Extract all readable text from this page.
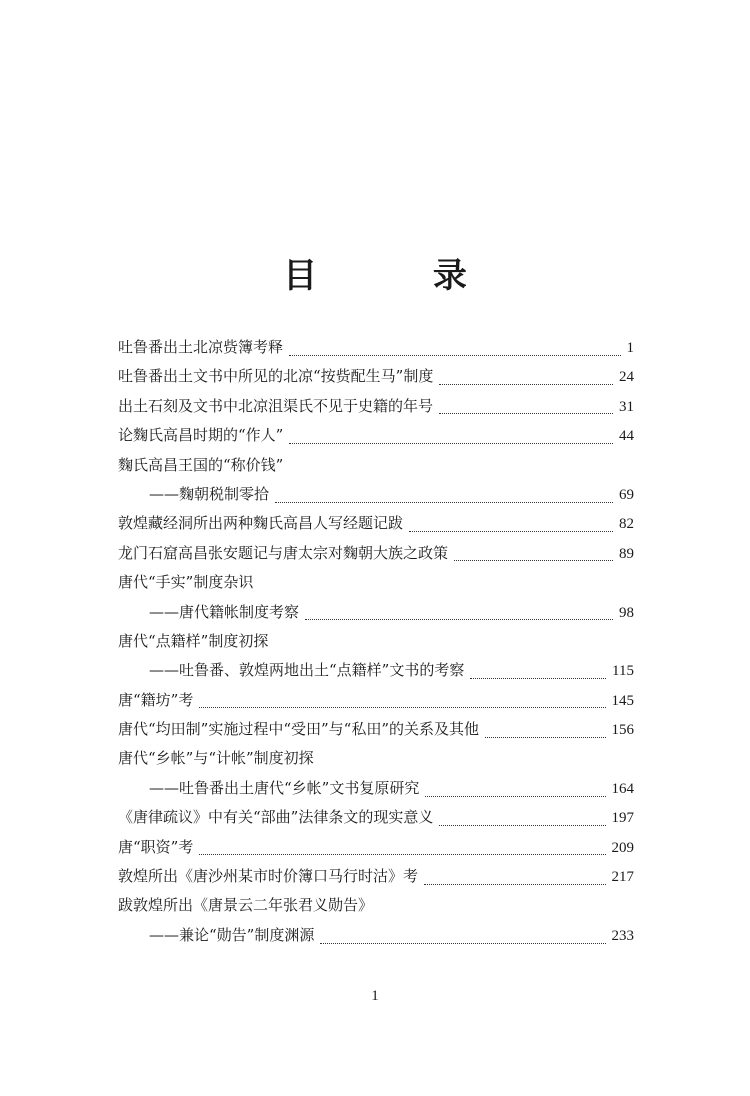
目 录
吐鲁番出土北凉赀簿考释	1
吐鲁番出土文书中所见的北凉“按赀配生马”制度	24
出土石刻及文书中北凉沮渠氏不见于史籍的年号	31
论麴氏高昌时期的“作人”	44
麴氏高昌王国的“称价钱”
——麴朝税制零拾	69
敦煌藏经洞所出两种麴氏高昌人写经题记跋	82
龙门石窟高昌张安题记与唐太宗对麴朝大族之政策	89
唐代“手实”制度杂识
——唐代籍帐制度考察	98
唐代“点籍样”制度初探
——吐鲁番、敦煌两地出土“点籍样”文书的考察	115
唐“籍坊”考	145
唐代“均田制”实施过程中“受田”与“私田”的关系及其他	156
唐代“乡帐”与“计帐”制度初探
——吐鲁番出土唐代“乡帐”文书复原研究	164
《唐律疏议》中有关“部曲”法律条文的现实意义	197
唐“职资”考	209
敦煌所出《唐沙州某市时价簿口马行时沽》考	217
跋敦煌所出《唐景云二年张君义勋告》
——兼论“勋告”制度渊源	233
1
